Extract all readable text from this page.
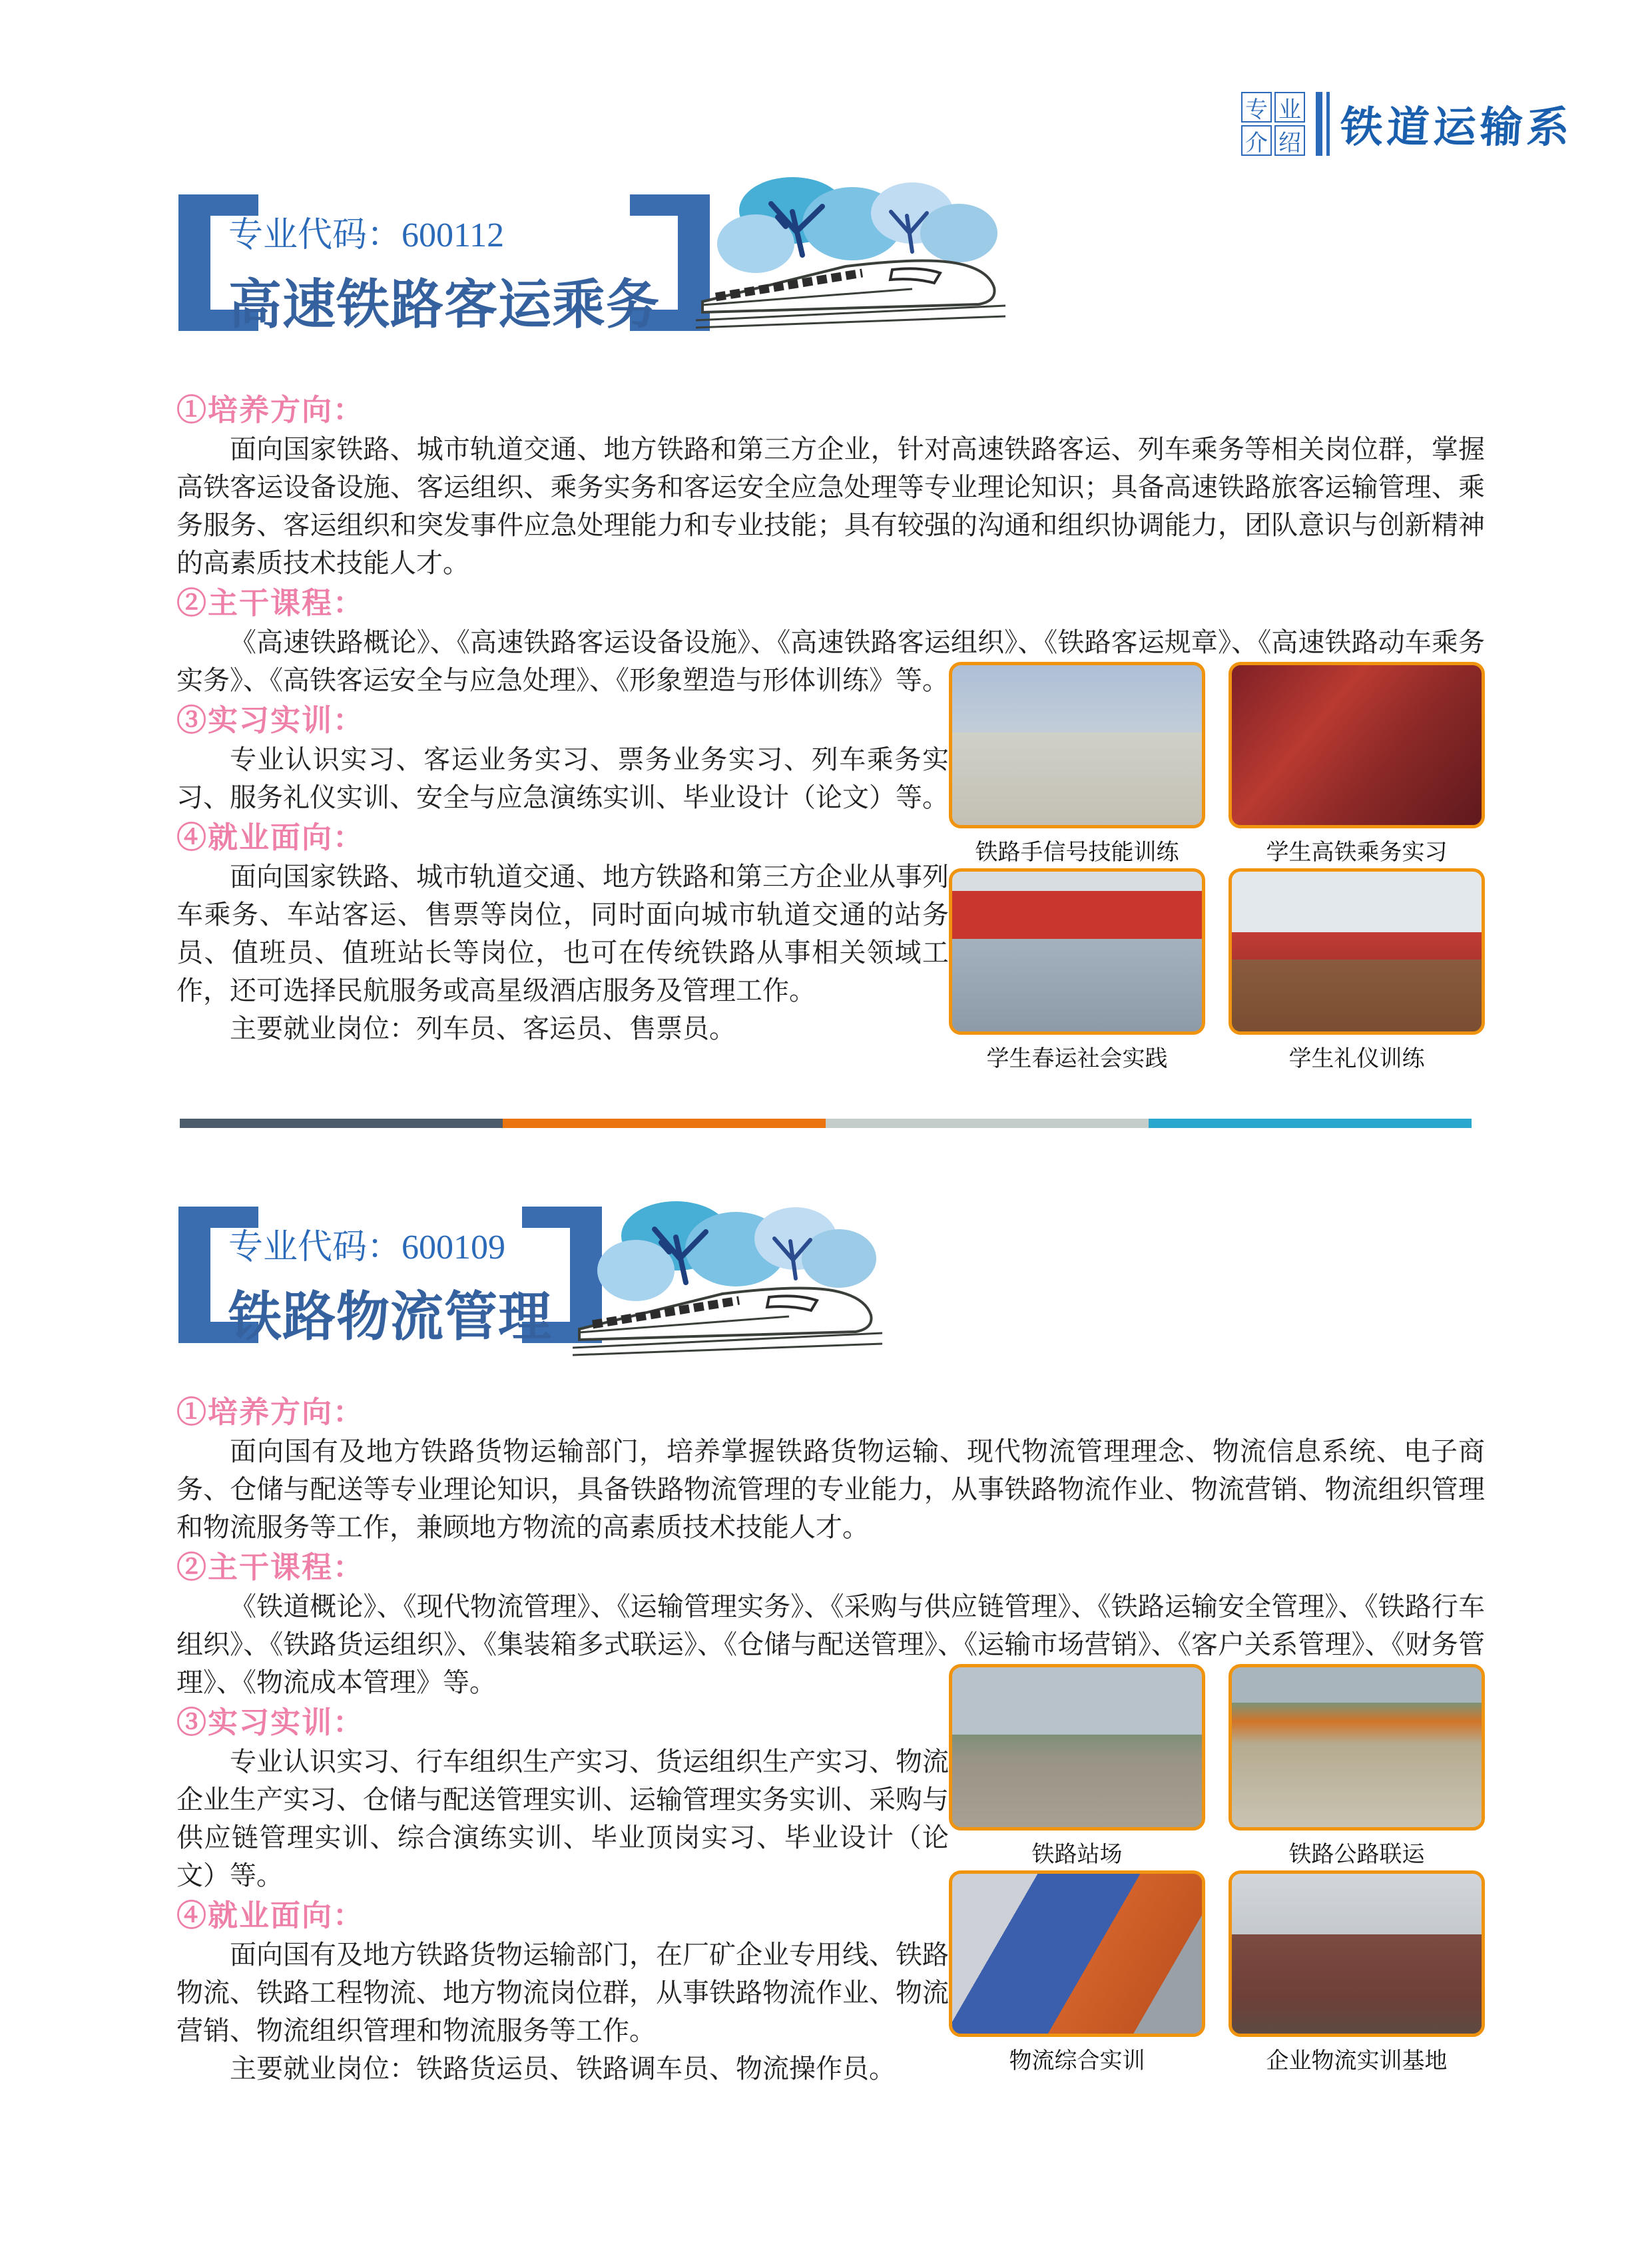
专 业
介 绍 铁道运输系
专业代码：600112
高速铁路客运乘务
①培养方向：

面向国家铁路、城市轨道交通、地方铁路和第三方企业，针对高速铁路客运、列车乘务等相关岗位群，掌握高铁客运设备设施、客运组织、乘务实务和客运安全应急处理等专业理论知识；具备高速铁路旅客运输管理、乘务服务、客运组织和突发事件应急处理能力和专业技能；具有较强的沟通和组织协调能力，团队意识与创新精神的高素质技术技能人才。

②主干课程：
铁路手信号技能训练	学生高铁乘务实习
学生春运社会实践	学生礼仪训练

《高速铁路概论》、《高速铁路客运设备设施》、《高速铁路客运组织》、《铁路客运规章》、《高速铁路动车乘务实务》、《高铁客运安全与应急处理》、《形象塑造与形体训练》等。

③实习实训：

专业认识实习、客运业务实习、票务业务实习、列车乘务实习、服务礼仪实训、安全与应急演练实训、毕业设计（论文）等。

④就业面向：

面向国家铁路、城市轨道交通、地方铁路和第三方企业从事列车乘务、车站客运、售票等岗位，同时面向城市轨道交通的站务员、值班员、值班站长等岗位，也可在传统铁路从事相关领域工作，还可选择民航服务或高星级酒店服务及管理工作。

主要就业岗位：列车员、客运员、售票员。

专业代码：600109
铁路物流管理
①培养方向：

面向国有及地方铁路货物运输部门，培养掌握铁路货物运输、现代物流管理理念、物流信息系统、电子商务、仓储与配送等专业理论知识，具备铁路物流管理的专业能力，从事铁路物流作业、物流营销、物流组织管理和物流服务等工作，兼顾地方物流的高素质技术技能人才。

②主干课程：
铁路站场	铁路公路联运
物流综合实训	企业物流实训基地

《铁道概论》、《现代物流管理》、《运输管理实务》、《采购与供应链管理》、《铁路运输安全管理》、《铁路行车组织》、《铁路货运组织》、《集装箱多式联运》、《仓储与配送管理》、《运输市场营销》、《客户关系管理》、《财务管理》、《物流成本管理》等。

③实习实训：

专业认识实习、行车组织生产实习、货运组织生产实习、物流企业生产实习、仓储与配送管理实训、运输管理实务实训、采购与供应链管理实训、综合演练实训、毕业顶岗实习、毕业设计（论文）等。

④就业面向：

面向国有及地方铁路货物运输部门，在厂矿企业专用线、铁路物流、铁路工程物流、地方物流岗位群，从事铁路物流作业、物流营销、物流组织管理和物流服务等工作。

主要就业岗位：铁路货运员、铁路调车员、物流操作员。
